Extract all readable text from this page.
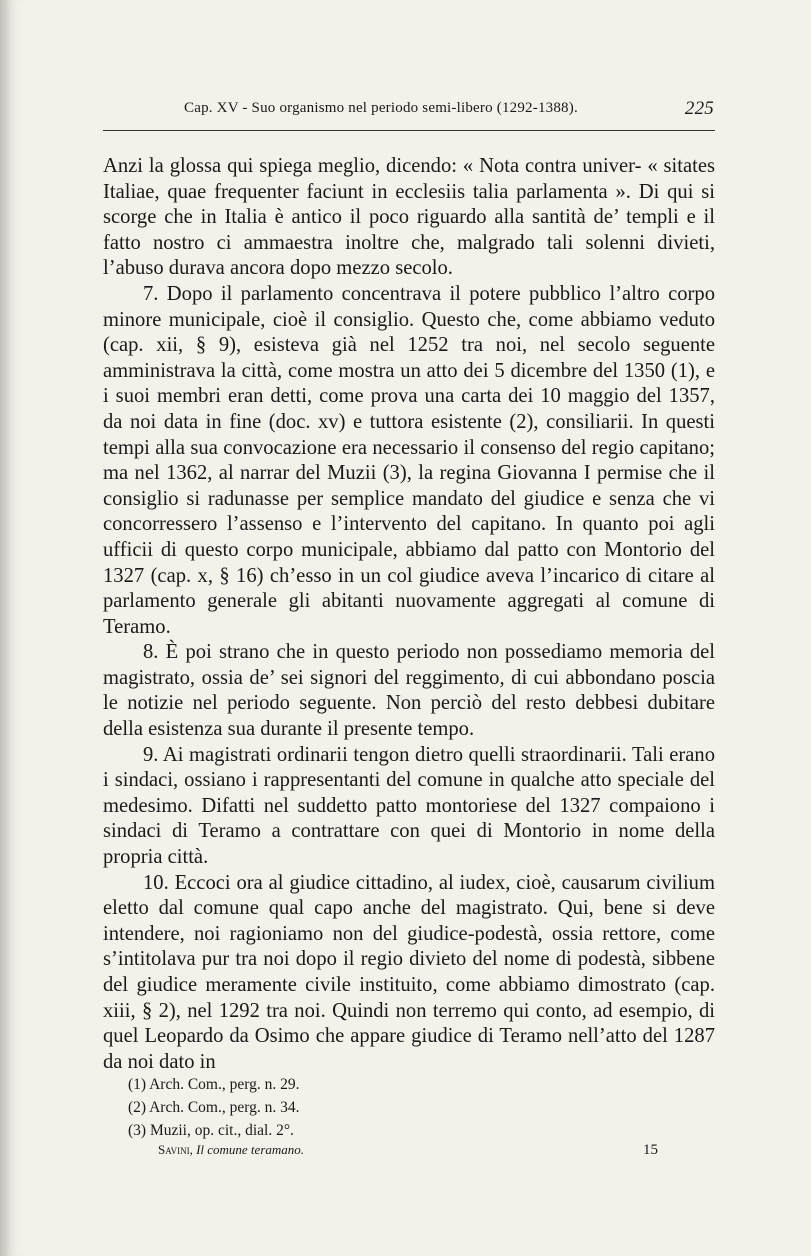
Cap. XV - Suo organismo nel periodo semi-libero (1292-1388).	225

Anzi la glossa qui spiega meglio, dicendo: « Nota contra univer- « sitates Italiae, quae frequenter faciunt in ecclesiis talia parlamenta ». Di qui si scorge che in Italia è antico il poco riguardo alla santità de’ templi e il fatto nostro ci ammaestra inoltre che, malgrado tali solenni divieti, l’abuso durava ancora dopo mezzo secolo.

7. Dopo il parlamento concentrava il potere pubblico l’altro corpo minore municipale, cioè il consiglio. Questo che, come abbiamo veduto (cap. xii, § 9), esisteva già nel 1252 tra noi, nel secolo seguente amministrava la città, come mostra un atto dei 5 dicembre del 1350 (1), e i suoi membri eran detti, come prova una carta dei 10 maggio del 1357, da noi data in fine (doc. xv) e tuttora esistente (2), consiliarii. In questi tempi alla sua convocazione era necessario il consenso del regio capitano; ma nel 1362, al narrar del Muzii (3), la regina Giovanna I permise che il consiglio si radunasse per semplice mandato del giudice e senza che vi concorressero l’assenso e l’intervento del capitano. In quanto poi agli ufficii di questo corpo municipale, abbiamo dal patto con Montorio del 1327 (cap. x, § 16) ch’esso in un col giudice aveva l’incarico di citare al parlamento generale gli abitanti nuovamente aggregati al comune di Teramo.

8. È poi strano che in questo periodo non possediamo memoria del magistrato, ossia de’ sei signori del reggimento, di cui abbondano poscia le notizie nel periodo seguente. Non perciò del resto debbesi dubitare della esistenza sua durante il presente tempo.

9. Ai magistrati ordinarii tengon dietro quelli straordinarii. Tali erano i sindaci, ossiano i rappresentanti del comune in qualche atto speciale del medesimo. Difatti nel suddetto patto montoriese del 1327 compaiono i sindaci di Teramo a contrattare con quei di Montorio in nome della propria città.

10. Eccoci ora al giudice cittadino, al iudex, cioè, causarum civilium eletto dal comune qual capo anche del magistrato. Qui, bene si deve intendere, noi ragioniamo non del giudice-podestà, ossia rettore, come s’intitolava pur tra noi dopo il regio divieto del nome di podestà, sibbene del giudice meramente civile instituito, come abbiamo dimostrato (cap. xiii, § 2), nel 1292 tra noi. Quindi non terremo qui conto, ad esempio, di quel Leopardo da Osimo che appare giudice di Teramo nell’atto del 1287 da noi dato in

(1) Arch. Com., perg. n. 29.
(2) Arch. Com., perg. n. 34.
(3) Muzii, op. cit., dial. 2°.
Savini, Il comune teramano.	15
